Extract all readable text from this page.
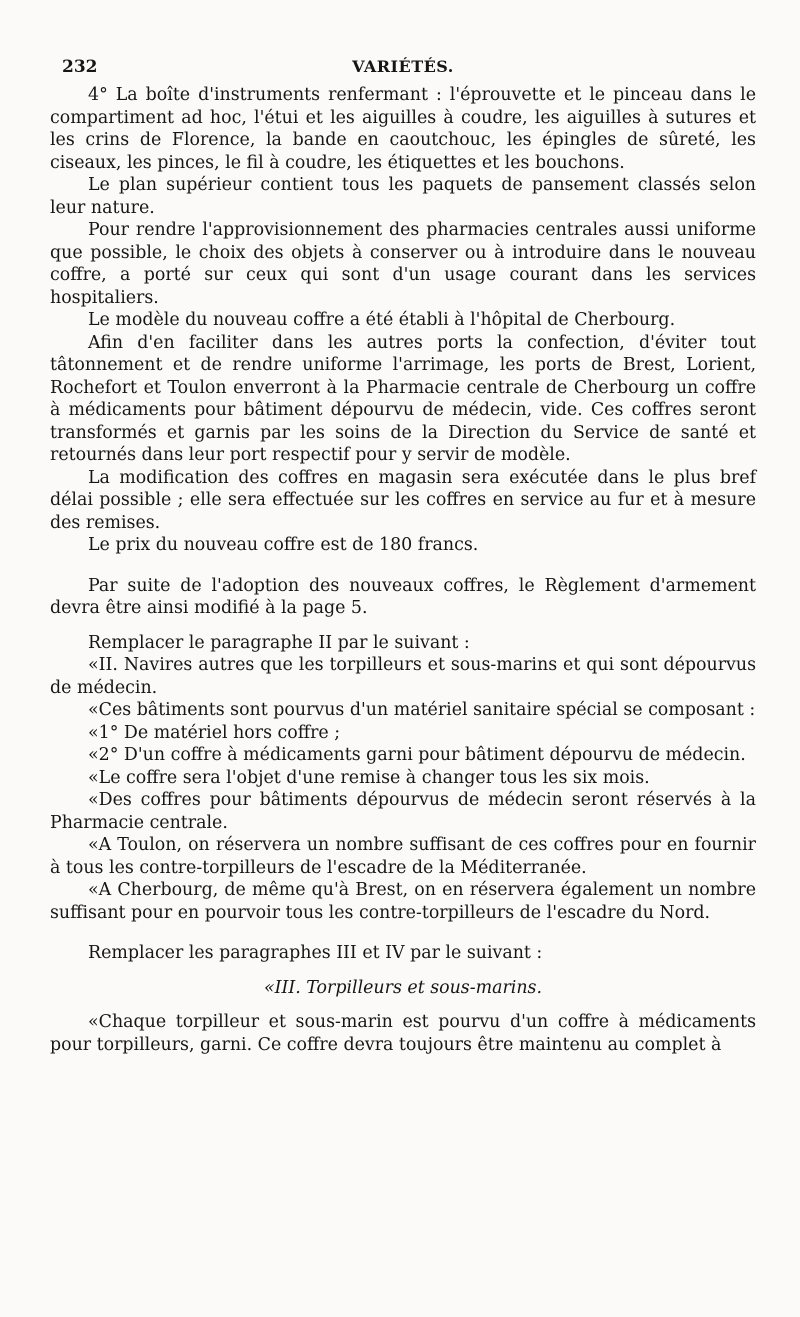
232	VARIÉTÉS.

4° La boîte d'instruments renfermant : l'éprouvette et le pinceau dans le compartiment ad hoc, l'étui et les aiguilles à coudre, les aiguilles à sutures et les crins de Florence, la bande en caoutchouc, les épingles de sûreté, les ciseaux, les pinces, le fil à coudre, les étiquettes et les bouchons.

Le plan supérieur contient tous les paquets de pansement classés selon leur nature.

Pour rendre l'approvisionnement des pharmacies centrales aussi uniforme que possible, le choix des objets à conserver ou à introduire dans le nouveau coffre, a porté sur ceux qui sont d'un usage courant dans les services hospitaliers.

Le modèle du nouveau coffre a été établi à l'hôpital de Cherbourg.

Afin d'en faciliter dans les autres ports la confection, d'éviter tout tâtonnement et de rendre uniforme l'arrimage, les ports de Brest, Lorient, Rochefort et Toulon enverront à la Pharmacie centrale de Cherbourg un coffre à médicaments pour bâtiment dépourvu de médecin, vide. Ces coffres seront transformés et garnis par les soins de la Direction du Service de santé et retournés dans leur port respectif pour y servir de modèle.

La modification des coffres en magasin sera exécutée dans le plus bref délai possible ; elle sera effectuée sur les coffres en service au fur et à mesure des remises.

Le prix du nouveau coffre est de 180 francs.

Par suite de l'adoption des nouveaux coffres, le Règlement d'armement devra être ainsi modifié à la page 5.

Remplacer le paragraphe II par le suivant :

«II. Navires autres que les torpilleurs et sous-marins et qui sont dépourvus de médecin.

«Ces bâtiments sont pourvus d'un matériel sanitaire spécial se composant :

«1° De matériel hors coffre ;

«2° D'un coffre à médicaments garni pour bâtiment dépourvu de médecin.

«Le coffre sera l'objet d'une remise à changer tous les six mois.

«Des coffres pour bâtiments dépourvus de médecin seront réservés à la Pharmacie centrale.

«A Toulon, on réservera un nombre suffisant de ces coffres pour en fournir à tous les contre-torpilleurs de l'escadre de la Méditerranée.

«A Cherbourg, de même qu'à Brest, on en réservera également un nombre suffisant pour en pourvoir tous les contre-torpilleurs de l'escadre du Nord.

Remplacer les paragraphes III et IV par le suivant :

«III. Torpilleurs et sous-marins.

«Chaque torpilleur et sous-marin est pourvu d'un coffre à médicaments pour torpilleurs, garni. Ce coffre devra toujours être maintenu au complet à
